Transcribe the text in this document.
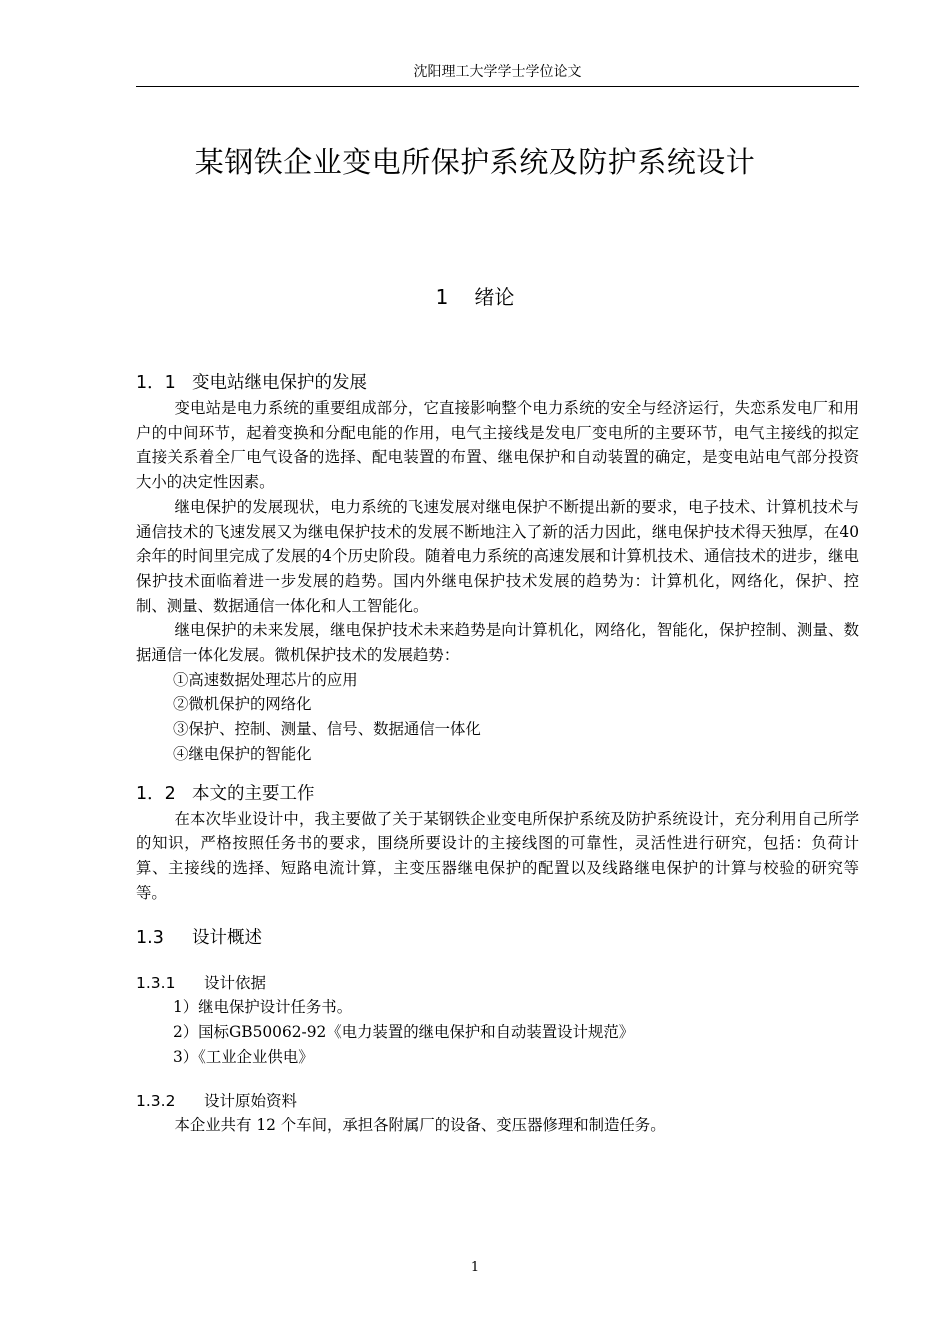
沈阳理工大学学士学位论文
某钢铁企业变电所保护系统及防护系统设计
1 绪论
1．1 变电站继电保护的发展

变电站是电力系统的重要组成部分，它直接影响整个电力系统的安全与经济运行，失恋系发电厂和用户的中间环节，起着变换和分配电能的作用，电气主接线是发电厂变电所的主要环节，电气主接线的拟定直接关系着全厂电气设备的选择、配电装置的布置、继电保护和自动装置的确定，是变电站电气部分投资大小的决定性因素。

继电保护的发展现状，电力系统的飞速发展对继电保护不断提出新的要求，电子技术、计算机技术与通信技术的飞速发展又为继电保护技术的发展不断地注入了新的活力因此，继电保护技术得天独厚，在40余年的时间里完成了发展的4个历史阶段。随着电力系统的高速发展和计算机技术、通信技术的进步，继电保护技术面临着进一步发展的趋势。国内外继电保护技术发展的趋势为：计算机化，网络化，保护、控制、测量、数据通信一体化和人工智能化。

继电保护的未来发展，继电保护技术未来趋势是向计算机化，网络化，智能化，保护控制、测量、数据通信一体化发展。微机保护技术的发展趋势：

①高速数据处理芯片的应用
②微机保护的网络化
③保护、控制、测量、信号、数据通信一体化
④继电保护的智能化
1．2 本文的主要工作

在本次毕业设计中，我主要做了关于某钢铁企业变电所保护系统及防护系统设计，充分利用自己所学的知识，严格按照任务书的要求，围绕所要设计的主接线图的可靠性，灵活性进行研究，包括：负荷计算、主接线的选择、短路电流计算，主变压器继电保护的配置以及线路继电保护的计算与校验的研究等等。

1.3 设计概述
1.3.1 设计依据
1）继电保护设计任务书。
2）国标GB50062-92《电力装置的继电保护和自动装置设计规范》
3）《工业企业供电》
1.3.2 设计原始资料

本企业共有 12 个车间，承担各附属厂的设备、变压器修理和制造任务。

1
